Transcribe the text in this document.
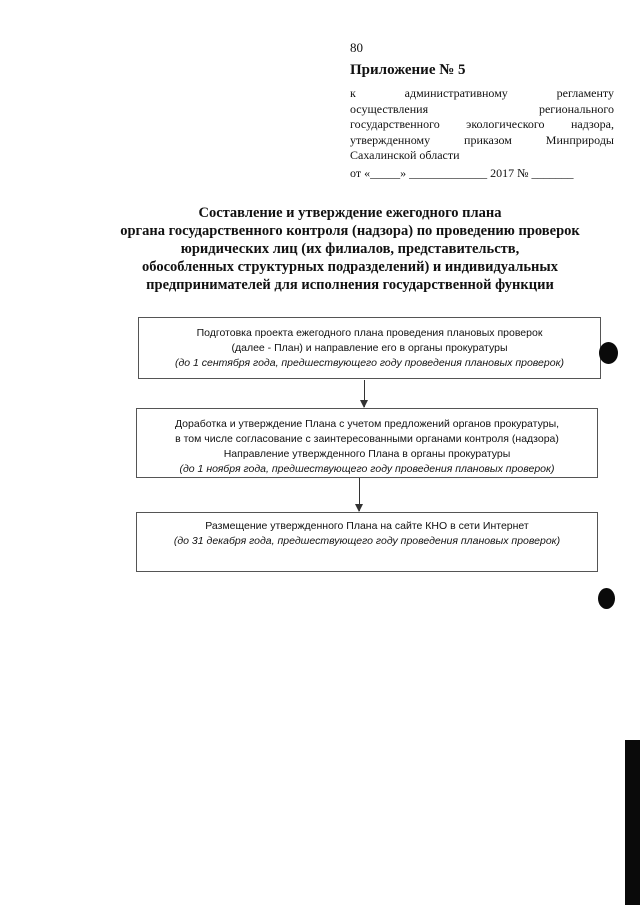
80
Приложение № 5
к административному регламенту
осуществления регионального
государственного экологического надзора,
утвержденному приказом Минприроды
Сахалинской области
от «_____» _____________ 2017 № _______
Составление и утверждение ежегодного плана
органа государственного контроля (надзора) по проведению проверок
юридических лиц (их филиалов, представительств,
обособленных структурных подразделений) и индивидуальных
предпринимателей для исполнения государственной функции
Подготовка проекта ежегодного плана проведения плановых проверок
(далее - План) и направление его в органы прокуратуры
(до 1 сентября года, предшествующего году проведения плановых проверок)
Доработка и утверждение Плана с учетом предложений органов прокуратуры,
в том числе согласование с заинтересованными органами контроля (надзора)
Направление утвержденного Плана в органы прокуратуры
(до 1 ноября года, предшествующего году проведения плановых проверок)
Размещение утвержденного Плана на сайте КНО в сети Интернет
(до 31 декабря года, предшествующего году проведения плановых проверок)
